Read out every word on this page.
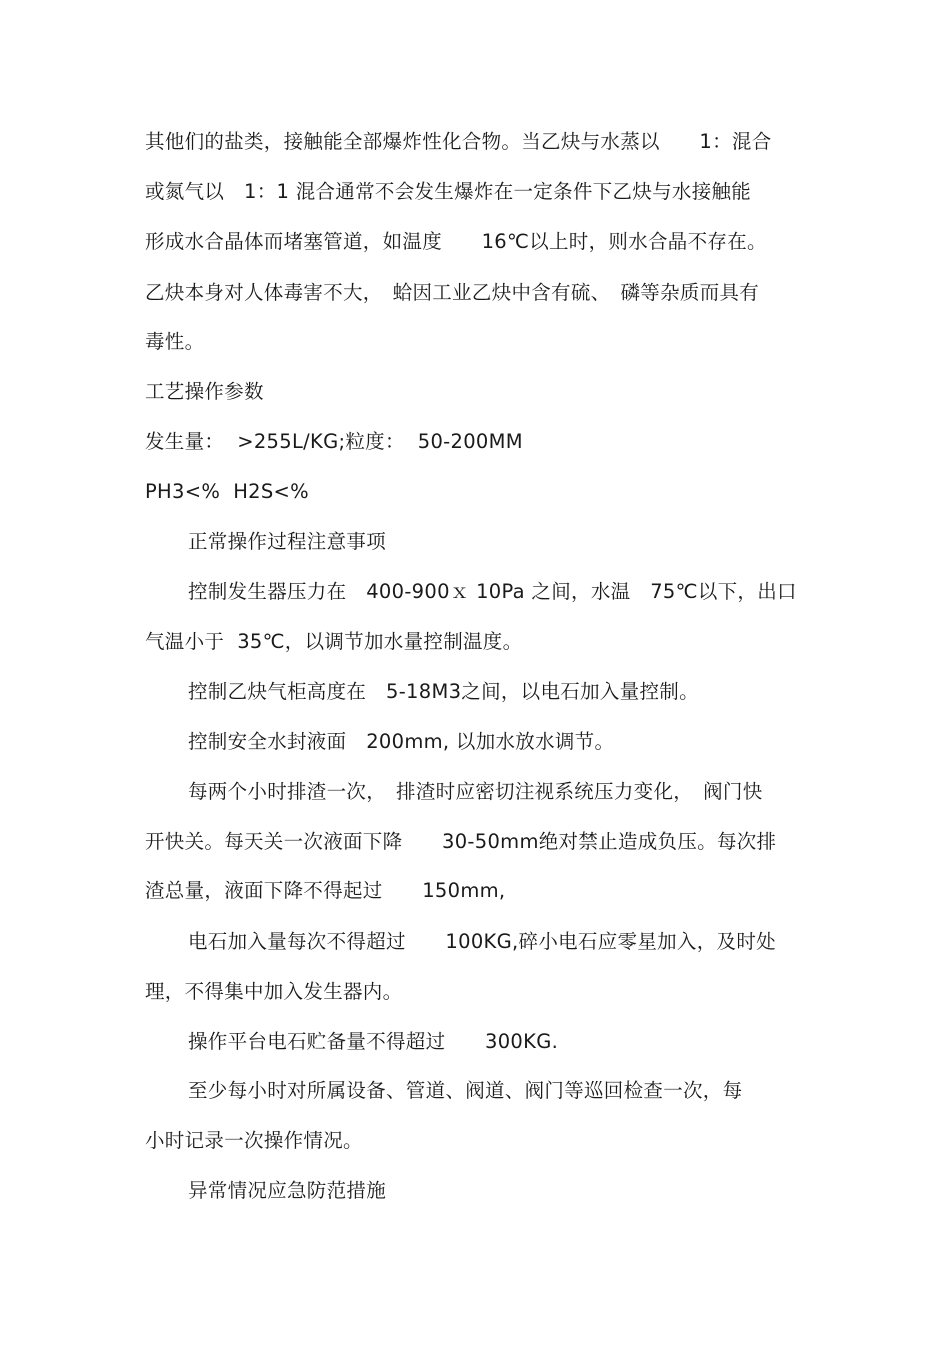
其他们的盐类，接触能全部爆炸性化合物。当乙炔与水蒸以　　1：混合
或氮气以　1：1 混合通常不会发生爆炸在一定条件下乙炔与水接触能
形成水合晶体而堵塞管道，如温度　　16℃以上时，则水合晶不存在。
乙炔本身对人体毒害不大，　蛤因工业乙炔中含有硫、　磷等杂质而具有
毒性。
工艺操作参数
发生量：  >255L/KG;粒度：  50-200MM
PH3<%  H2S<%
正常操作过程注意事项
控制发生器压力在　400-900ｘ 10Pa 之间，水温　75℃以下，出口
气温小于  35℃，以调节加水量控制温度。
控制乙炔气柜高度在　5-18M3之间，以电石加入量控制。
控制安全水封液面　200mm, 以加水放水调节。
每两个小时排渣一次，　排渣时应密切注视系统压力变化，　阀门快
开快关。每天关一次液面下降　　30-50mm绝对禁止造成负压。每次排
渣总量，液面下降不得起过　　150mm,
电石加入量每次不得超过　　100KG,碎小电石应零星加入，及时处
理，不得集中加入发生器内。
操作平台电石贮备量不得超过　　300KG.
至少每小时对所属设备、管道、阀道、阀门等巡回检查一次，每
小时记录一次操作情况。
异常情况应急防范措施
